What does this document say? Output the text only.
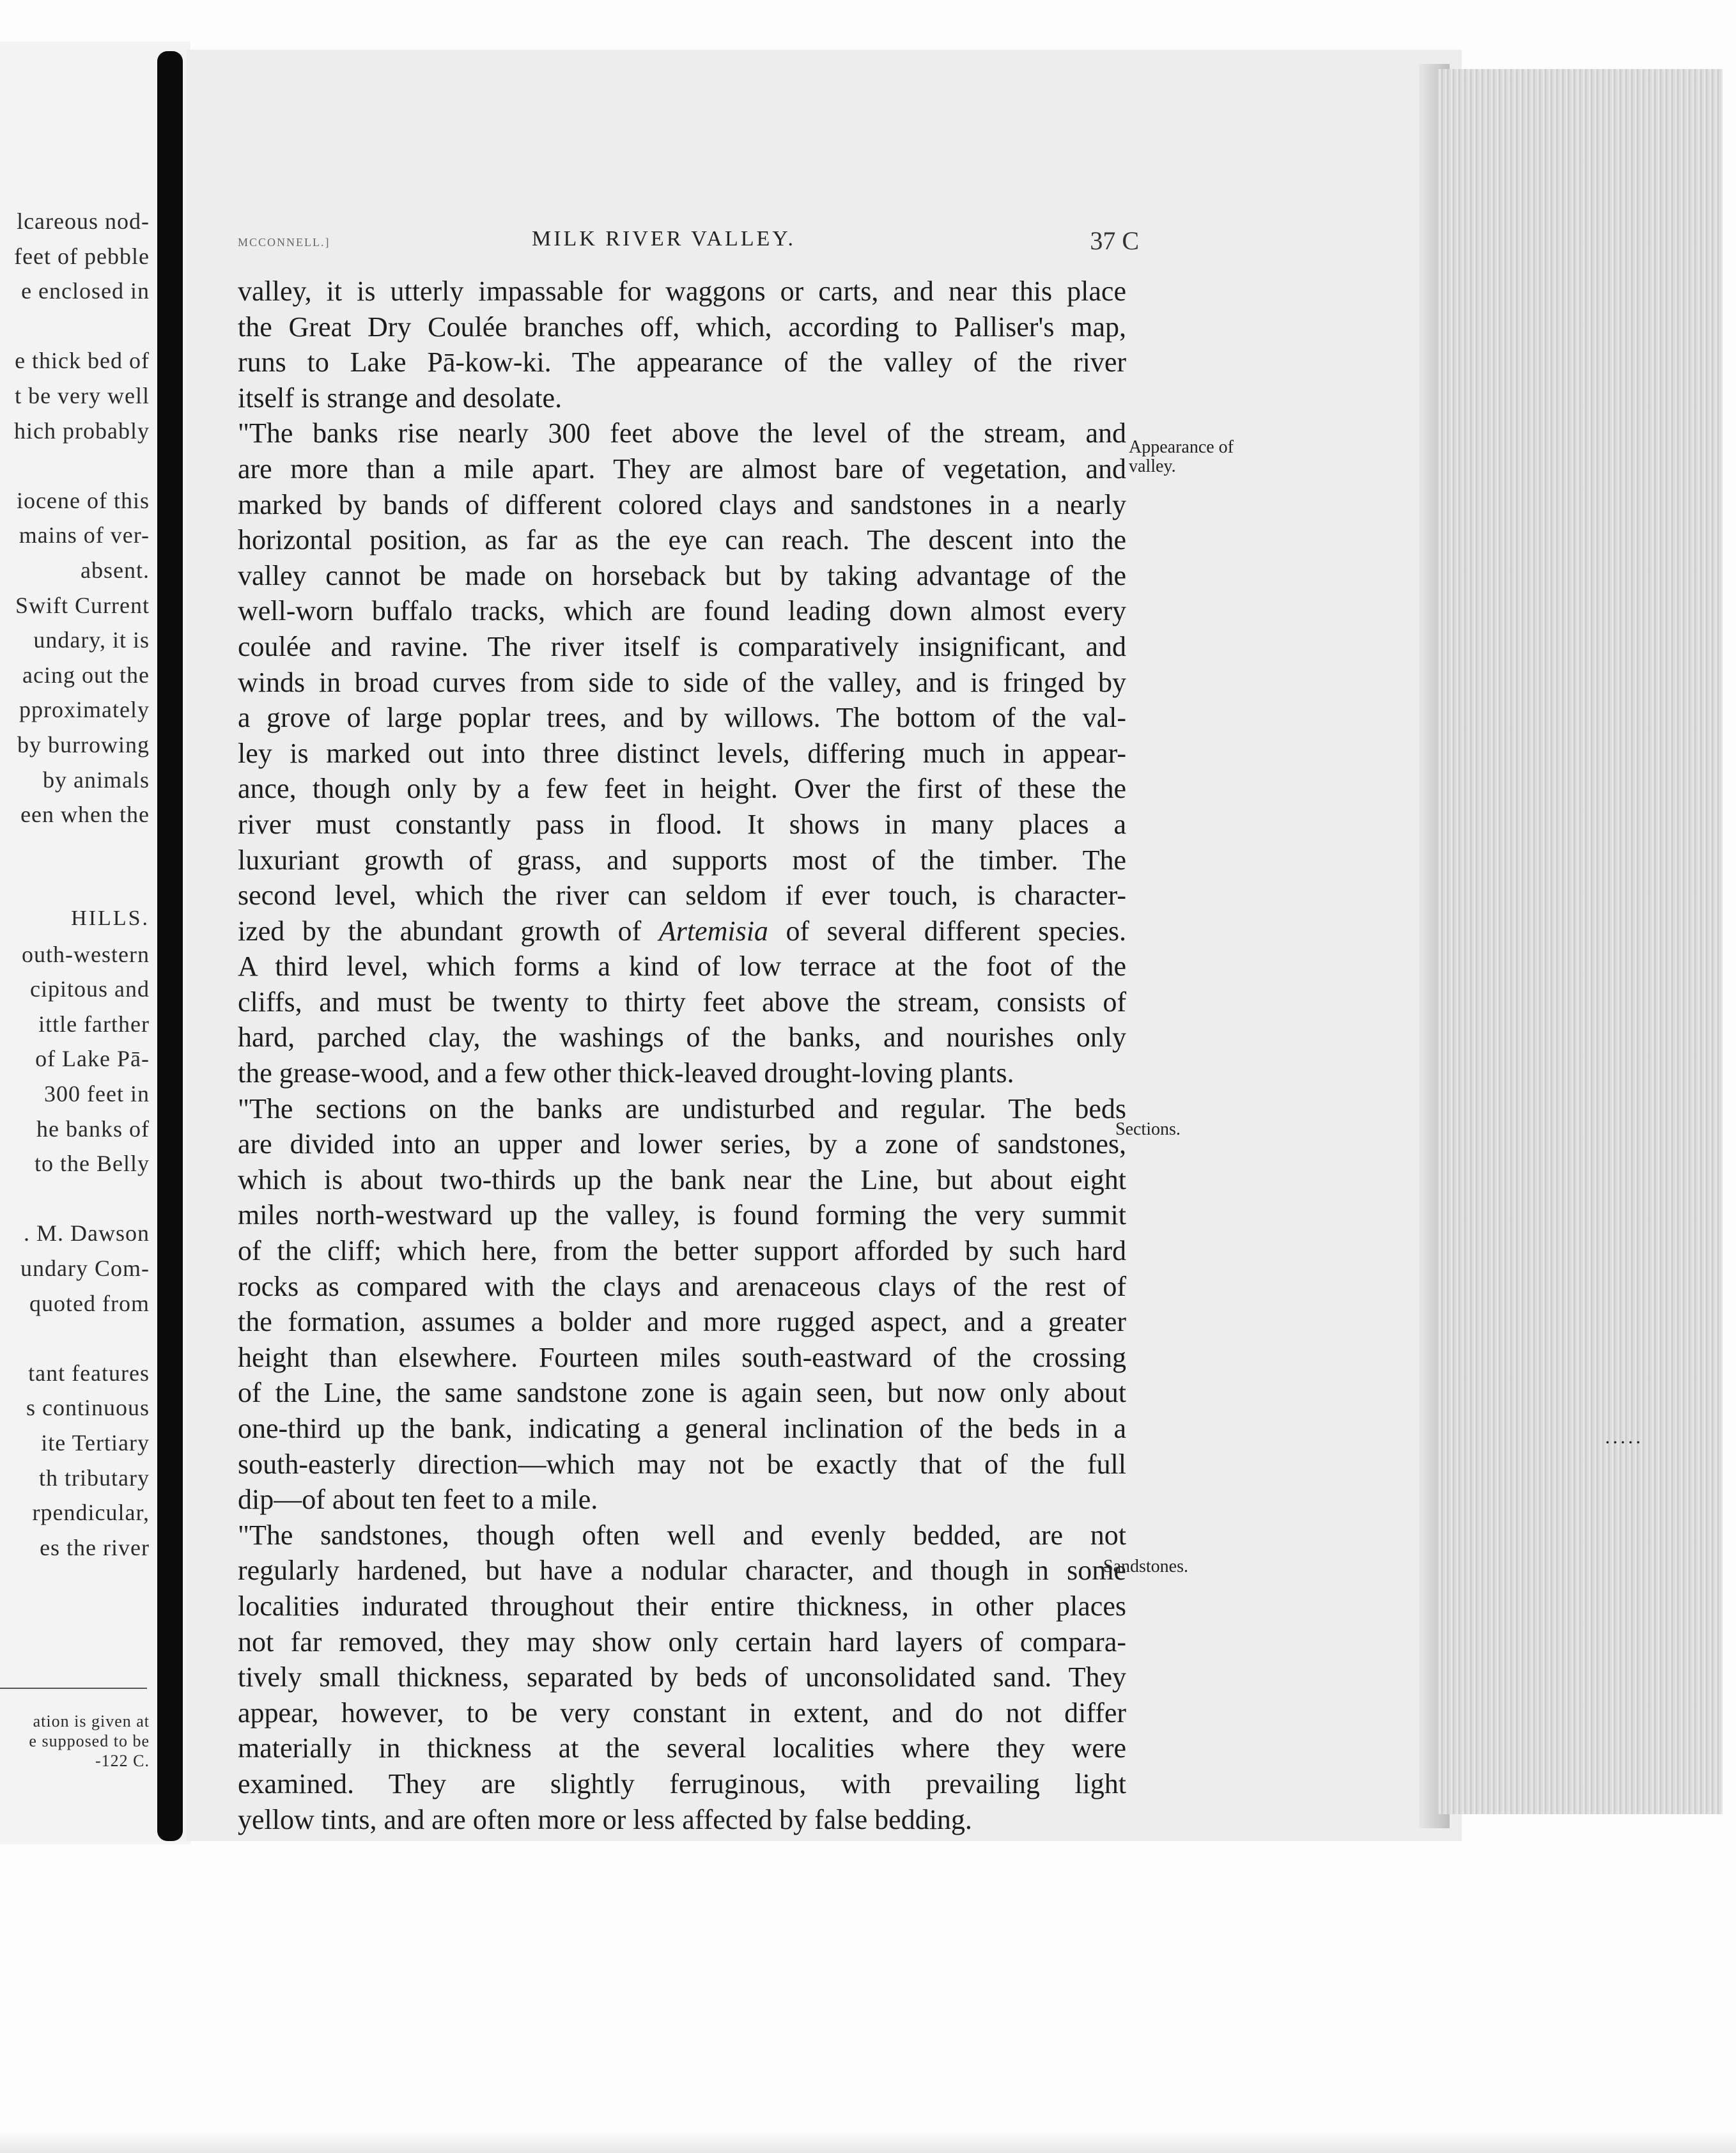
lcareous nod-
feet of pebble
e enclosed in
e thick bed of
t be very well
hich probably
iocene of this
mains of ver-
absent.
Swift Current
undary, it is
acing out the
pproximately
by burrowing
by animals
een when the
HILLS.
outh-western
cipitous and
ittle farther
of Lake Pā-
300 feet in
he banks of
to the Belly
. M. Dawson
undary Com-
quoted from
tant features
s continuous
ite Tertiary
th tributary
rpendicular,
es the river
ation is given at
e supposed to be
-122 C.
·····
MCCONNELL.]	MILK RIVER VALLEY.	37 C
valley, it is utterly impassable for waggons or carts, and near this place
the Great Dry Coulée branches off, which, according to Palliser's map,
runs to Lake Pā-kow-ki. The appearance of the valley of the river
itself is strange and desolate.
"The banks rise nearly 300 feet above the level of the stream, and
are more than a mile apart. They are almost bare of vegetation, and
marked by bands of different colored clays and sandstones in a nearly
horizontal position, as far as the eye can reach. The descent into the
valley cannot be made on horseback but by taking advantage of the
well-worn buffalo tracks, which are found leading down almost every
coulée and ravine. The river itself is comparatively insignificant, and
winds in broad curves from side to side of the valley, and is fringed by
a grove of large poplar trees, and by willows. The bottom of the val-
ley is marked out into three distinct levels, differing much in appear-
ance, though only by a few feet in height. Over the first of these the
river must constantly pass in flood. It shows in many places a
luxuriant growth of grass, and supports most of the timber. The
second level, which the river can seldom if ever touch, is character-
ized by the abundant growth of Artemisia of several different species.
A third level, which forms a kind of low terrace at the foot of the
cliffs, and must be twenty to thirty feet above the stream, consists of
hard, parched clay, the washings of the banks, and nourishes only
the grease-wood, and a few other thick-leaved drought-loving plants.
"The sections on the banks are undisturbed and regular. The beds
are divided into an upper and lower series, by a zone of sandstones,
which is about two-thirds up the bank near the Line, but about eight
miles north-westward up the valley, is found forming the very summit
of the cliff; which here, from the better support afforded by such hard
rocks as compared with the clays and arenaceous clays of the rest of
the formation, assumes a bolder and more rugged aspect, and a greater
height than elsewhere. Fourteen miles south-eastward of the crossing
of the Line, the same sandstone zone is again seen, but now only about
one-third up the bank, indicating a general inclination of the beds in a
south-easterly direction—which may not be exactly that of the full
dip—of about ten feet to a mile.
"The sandstones, though often well and evenly bedded, are not
regularly hardened, but have a nodular character, and though in some
localities indurated throughout their entire thickness, in other places
not far removed, they may show only certain hard layers of compara-
tively small thickness, separated by beds of unconsolidated sand. They
appear, however, to be very constant in extent, and do not differ
materially in thickness at the several localities where they were
examined. They are slightly ferruginous, with prevailing light
yellow tints, and are often more or less affected by false bedding.
Appearance of
valley.
Sections.
Sandstones.
